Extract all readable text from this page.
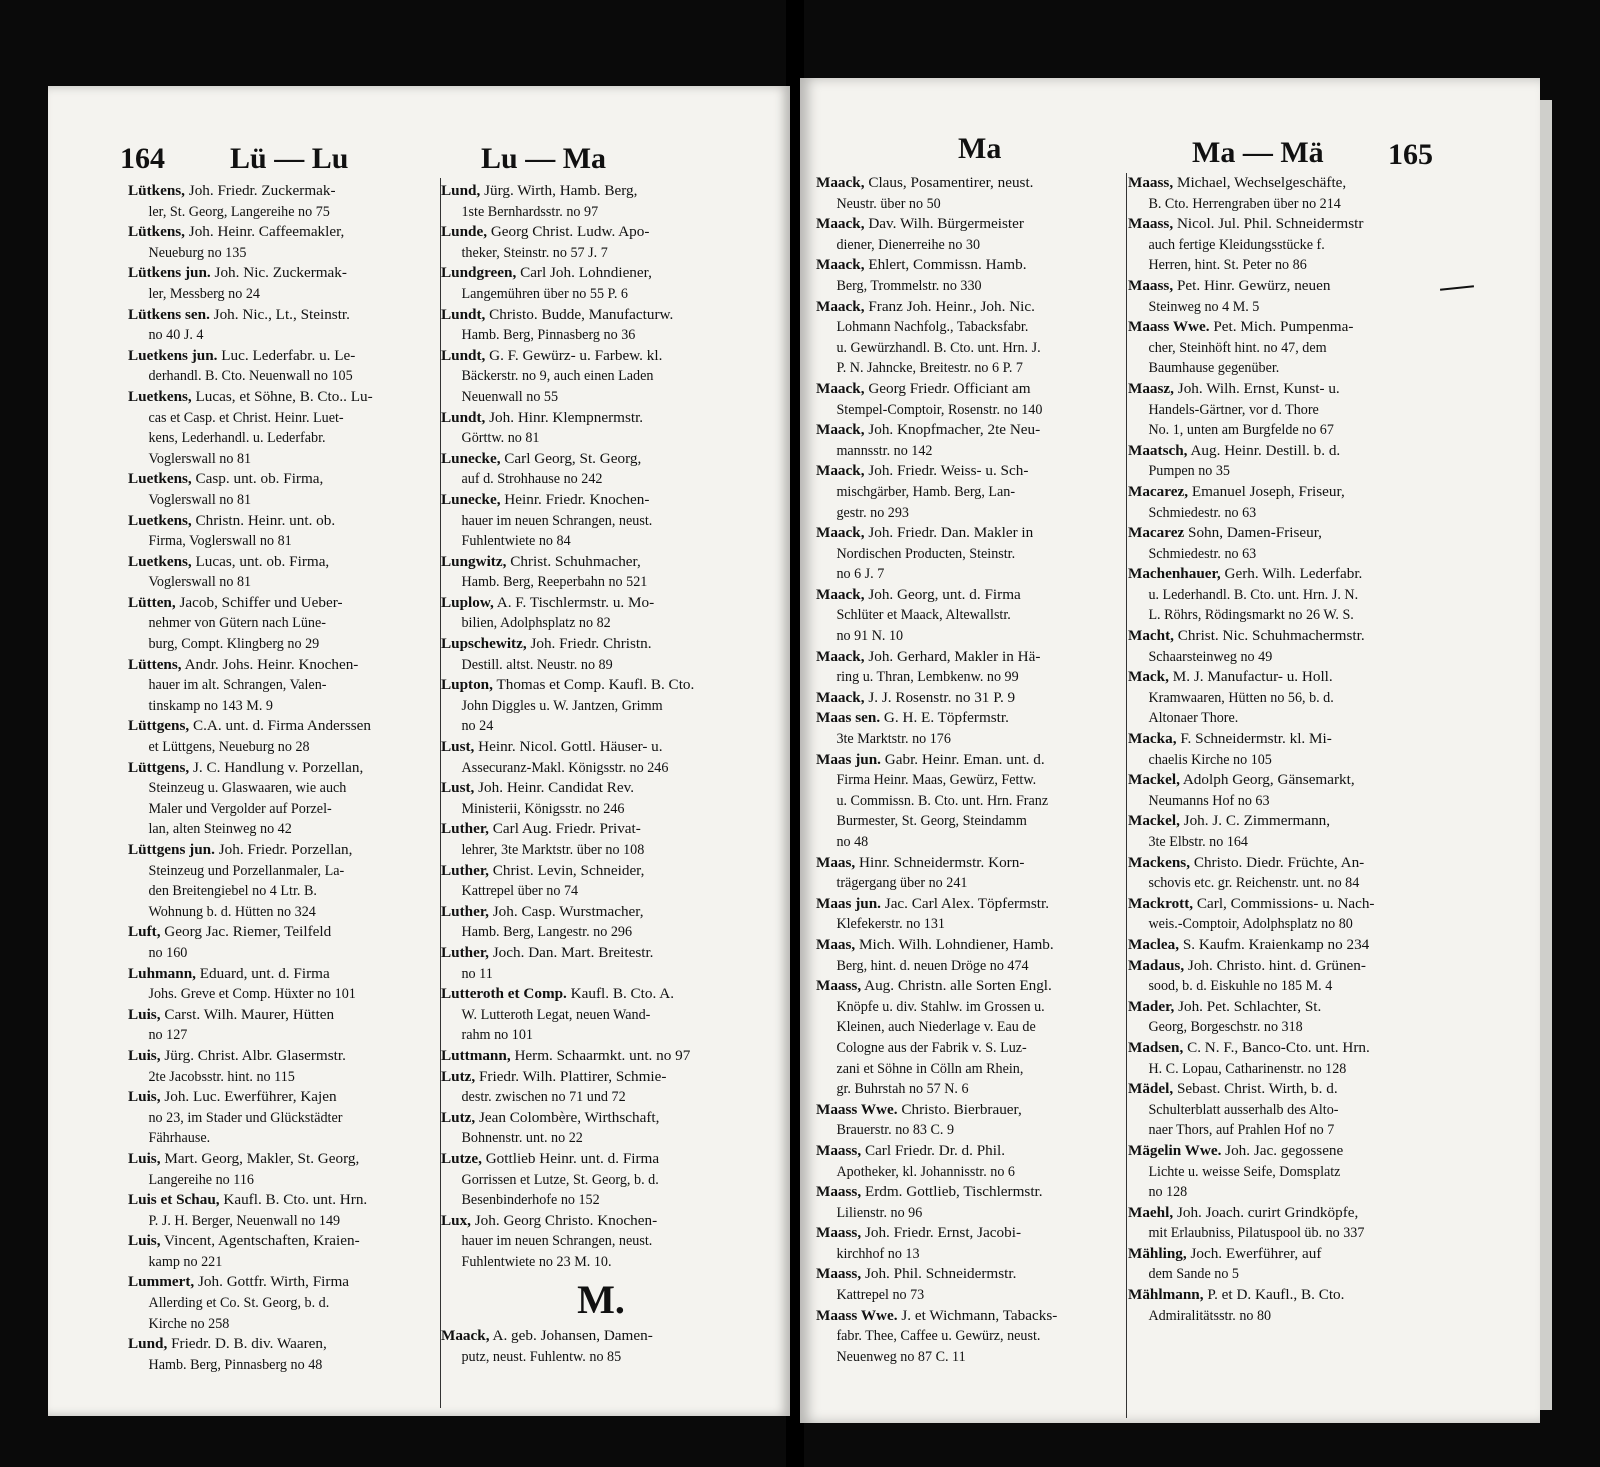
164 Lü — Lu	Lu — Ma

Lütkens, Joh. Friedr. Zuckermak-
ler, St. Georg, Langereihe no 75

Lütkens, Joh. Heinr. Caffeemakler,
Neueburg no 135

Lütkens jun. Joh. Nic. Zuckermak-
ler, Messberg no 24

Lütkens sen. Joh. Nic., Lt., Steinstr.
no 40 J. 4

Luetkens jun. Luc. Lederfabr. u. Le-
derhandl. B. Cto. Neuenwall no 105

Luetkens, Lucas, et Söhne, B. Cto.. Lu-
cas et Casp. et Christ. Heinr. Luet-
kens, Lederhandl. u. Lederfabr.
Voglerswall no 81

Luetkens, Casp. unt. ob. Firma,
Voglerswall no 81

Luetkens, Christn. Heinr. unt. ob.
Firma, Voglerswall no 81

Luetkens, Lucas, unt. ob. Firma,
Voglerswall no 81

Lütten, Jacob, Schiffer und Ueber-
nehmer von Gütern nach Lüne-
burg, Compt. Klingberg no 29

Lüttens, Andr. Johs. Heinr. Knochen-
hauer im alt. Schrangen, Valen-
tinskamp no 143 M. 9

Lüttgens, C.A. unt. d. Firma Anderssen
et Lüttgens, Neueburg no 28

Lüttgens, J. C. Handlung v. Porzellan,
Steinzeug u. Glaswaaren, wie auch
Maler und Vergolder auf Porzel-
lan, alten Steinweg no 42

Lüttgens jun. Joh. Friedr. Porzellan,
Steinzeug und Porzellanmaler, La-
den Breitengiebel no 4 Ltr. B.
Wohnung b. d. Hütten no 324

Luft, Georg Jac. Riemer, Teilfeld
no 160

Luhmann, Eduard, unt. d. Firma
Johs. Greve et Comp. Hüxter no 101

Luis, Carst. Wilh. Maurer, Hütten
no 127

Luis, Jürg. Christ. Albr. Glasermstr.
2te Jacobsstr. hint. no 115

Luis, Joh. Luc. Ewerführer, Kajen
no 23, im Stader und Glückstädter
Fährhause.

Luis, Mart. Georg, Makler, St. Georg,
Langereihe no 116

Luis et Schau, Kaufl. B. Cto. unt. Hrn.
P. J. H. Berger, Neuenwall no 149

Luis, Vincent, Agentschaften, Kraien-
kamp no 221

Lummert, Joh. Gottfr. Wirth, Firma
Allerding et Co. St. Georg, b. d.
Kirche no 258

Lund, Friedr. D. B. div. Waaren,
Hamb. Berg, Pinnasberg no 48

Lund, Jürg. Wirth, Hamb. Berg,
1ste Bernhardsstr. no 97

Lunde, Georg Christ. Ludw. Apo-
theker, Steinstr. no 57 J. 7

Lundgreen, Carl Joh. Lohndiener,
Langemühren über no 55 P. 6

Lundt, Christo. Budde, Manufacturw.
Hamb. Berg, Pinnasberg no 36

Lundt, G. F. Gewürz- u. Farbew. kl.
Bäckerstr. no 9, auch einen Laden
Neuenwall no 55

Lundt, Joh. Hinr. Klempnermstr.
Görttw. no 81

Lunecke, Carl Georg, St. Georg,
auf d. Strohhause no 242

Lunecke, Heinr. Friedr. Knochen-
hauer im neuen Schrangen, neust.
Fuhlentwiete no 84

Lungwitz, Christ. Schuhmacher,
Hamb. Berg, Reeperbahn no 521

Luplow, A. F. Tischlermstr. u. Mo-
bilien, Adolphsplatz no 82

Lupschewitz, Joh. Friedr. Christn.
Destill. altst. Neustr. no 89

Lupton, Thomas et Comp. Kaufl. B. Cto.
John Diggles u. W. Jantzen, Grimm
no 24

Lust, Heinr. Nicol. Gottl. Häuser- u.
Assecuranz-Makl. Königsstr. no 246

Lust, Joh. Heinr. Candidat Rev.
Ministerii, Königsstr. no 246

Luther, Carl Aug. Friedr. Privat-
lehrer, 3te Marktstr. über no 108

Luther, Christ. Levin, Schneider,
Kattrepel über no 74

Luther, Joh. Casp. Wurstmacher,
Hamb. Berg, Langestr. no 296

Luther, Joch. Dan. Mart. Breitestr.
no 11

Lutteroth et Comp. Kaufl. B. Cto. A.
W. Lutteroth Legat, neuen Wand-
rahm no 101

Luttmann, Herm. Schaarmkt. unt. no 97

Lutz, Friedr. Wilh. Plattirer, Schmie-
destr. zwischen no 71 und 72

Lutz, Jean Colombère, Wirthschaft,
Bohnenstr. unt. no 22

Lutze, Gottlieb Heinr. unt. d. Firma
Gorrissen et Lutze, St. Georg, b. d.
Besenbinderhofe no 152

Lux, Joh. Georg Christo. Knochen-
hauer im neuen Schrangen, neust.
Fuhlentwiete no 23 M. 10.

M.

Maack, A. geb. Johansen, Damen-
putz, neust. Fuhlentw. no 85

Ma	Ma — Mä 165

Maack, Claus, Posamentirer, neust.
Neustr. über no 50

Maack, Dav. Wilh. Bürgermeister
diener, Dienerreihe no 30

Maack, Ehlert, Commissn. Hamb.
Berg, Trommelstr. no 330

Maack, Franz Joh. Heinr., Joh. Nic.
Lohmann Nachfolg., Tabacksfabr.
u. Gewürzhandl. B. Cto. unt. Hrn. J.
P. N. Jahncke, Breitestr. no 6 P. 7

Maack, Georg Friedr. Officiant am
Stempel-Comptoir, Rosenstr. no 140

Maack, Joh. Knopfmacher, 2te Neu-
mannsstr. no 142

Maack, Joh. Friedr. Weiss- u. Sch-
mischgärber, Hamb. Berg, Lan-
gestr. no 293

Maack, Joh. Friedr. Dan. Makler in
Nordischen Producten, Steinstr.
no 6 J. 7

Maack, Joh. Georg, unt. d. Firma
Schlüter et Maack, Altewallstr.
no 91 N. 10

Maack, Joh. Gerhard, Makler in Hä-
ring u. Thran, Lembkenw. no 99

Maack, J. J. Rosenstr. no 31 P. 9

Maas sen. G. H. E. Töpfermstr.
3te Marktstr. no 176

Maas jun. Gabr. Heinr. Eman. unt. d.
Firma Heinr. Maas, Gewürz, Fettw.
u. Commissn. B. Cto. unt. Hrn. Franz
Burmester, St. Georg, Steindamm
no 48

Maas, Hinr. Schneidermstr. Korn-
trägergang über no 241

Maas jun. Jac. Carl Alex. Töpfermstr.
Klefekerstr. no 131

Maas, Mich. Wilh. Lohndiener, Hamb.
Berg, hint. d. neuen Dröge no 474

Maass, Aug. Christn. alle Sorten Engl.
Knöpfe u. div. Stahlw. im Grossen u.
Kleinen, auch Niederlage v. Eau de
Cologne aus der Fabrik v. S. Luz-
zani et Söhne in Cölln am Rhein,
gr. Buhrstah no 57 N. 6

Maass Wwe. Christo. Bierbrauer,
Brauerstr. no 83 C. 9

Maass, Carl Friedr. Dr. d. Phil.
Apotheker, kl. Johannisstr. no 6

Maass, Erdm. Gottlieb, Tischlermstr.
Lilienstr. no 96

Maass, Joh. Friedr. Ernst, Jacobi-
kirchhof no 13

Maass, Joh. Phil. Schneidermstr.
Kattrepel no 73

Maass Wwe. J. et Wichmann, Tabacks-
fabr. Thee, Caffee u. Gewürz, neust.
Neuenweg no 87 C. 11

Maass, Michael, Wechselgeschäfte,
B. Cto. Herrengraben über no 214

Maass, Nicol. Jul. Phil. Schneidermstr
auch fertige Kleidungsstücke f.
Herren, hint. St. Peter no 86

Maass, Pet. Hinr. Gewürz, neuen
Steinweg no 4 M. 5

Maass Wwe. Pet. Mich. Pumpenma-
cher, Steinhöft hint. no 47, dem
Baumhause gegenüber.

Maasz, Joh. Wilh. Ernst, Kunst- u.
Handels-Gärtner, vor d. Thore
No. 1, unten am Burgfelde no 67

Maatsch, Aug. Heinr. Destill. b. d.
Pumpen no 35

Macarez, Emanuel Joseph, Friseur,
Schmiedestr. no 63

Macarez Sohn, Damen-Friseur,
Schmiedestr. no 63

Machenhauer, Gerh. Wilh. Lederfabr.
u. Lederhandl. B. Cto. unt. Hrn. J. N.
L. Röhrs, Rödingsmarkt no 26 W. S.

Macht, Christ. Nic. Schuhmachermstr.
Schaarsteinweg no 49

Mack, M. J. Manufactur- u. Holl.
Kramwaaren, Hütten no 56, b. d.
Altonaer Thore.

Macka, F. Schneidermstr. kl. Mi-
chaelis Kirche no 105

Mackel, Adolph Georg, Gänsemarkt,
Neumanns Hof no 63

Mackel, Joh. J. C. Zimmermann,
3te Elbstr. no 164

Mackens, Christo. Diedr. Früchte, An-
schovis etc. gr. Reichenstr. unt. no 84

Mackrott, Carl, Commissions- u. Nach-
weis.-Comptoir, Adolphsplatz no 80

Maclea, S. Kaufm. Kraienkamp no 234

Madaus, Joh. Christo. hint. d. Grünen-
sood, b. d. Eiskuhle no 185 M. 4

Mader, Joh. Pet. Schlachter, St.
Georg, Borgeschstr. no 318

Madsen, C. N. F., Banco-Cto. unt. Hrn.
H. C. Lopau, Catharinenstr. no 128

Mädel, Sebast. Christ. Wirth, b. d.
Schulterblatt ausserhalb des Alto-
naer Thors, auf Prahlen Hof no 7

Mägelin Wwe. Joh. Jac. gegossene
Lichte u. weisse Seife, Domsplatz
no 128

Maehl, Joh. Joach. curirt Grindköpfe,
mit Erlaubniss, Pilatuspool üb. no 337

Mähling, Joch. Ewerführer, auf
dem Sande no 5

Mählmann, P. et D. Kaufl., B. Cto.
Admiralitätsstr. no 80
